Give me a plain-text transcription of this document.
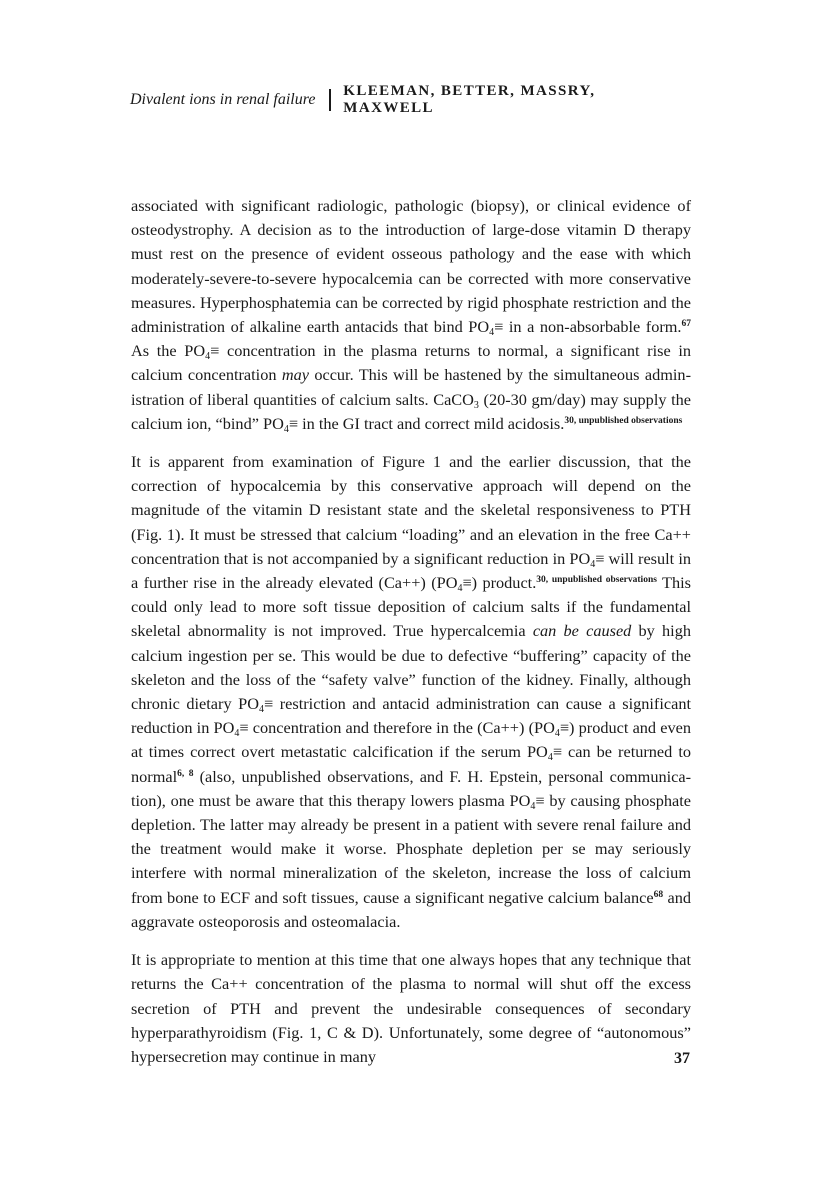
Divalent ions in renal failure	KLEEMAN, BETTER, MASSRY, MAXWELL

associated with significant radiologic, pathologic (biopsy), or clinical evidence of osteodystrophy. A decision as to the introduction of large-dose vitamin D therapy must rest on the presence of evident osseous pathology and the ease with which moderately-severe-to-severe hypocalcemia can be corrected with more conservative measures. Hyperphosphatemia can be corrected by rigid phosphate restriction and the administration of alkaline earth antacids that bind $PO_4\equiv$ in a non-absorbable form.$^{67}$ As the $PO_4\equiv$ concentration in the plasma returns to normal, a significant rise in calcium concentration may occur. This will be hastened by the simultaneous administration of liberal quantities of calcium salts. CaCO$_3$ (20-30 gm/day) may supply the calcium ion, “bind” $PO_4\equiv$ in the GI tract and correct mild acidosis.$^{30, unpublished observations}$

It is apparent from examination of Figure 1 and the earlier discussion, that the correction of hypocalcemia by this conservative approach will depend on the magnitude of the vitamin D resistant state and the skeletal responsiveness to PTH (Fig. 1). It must be stressed that calcium “loading” and an elevation in the free Ca++ concentration that is not accompanied by a significant reduction in $PO_4\equiv$ will result in a further rise in the already elevated (Ca++) $(PO_4\equiv)$ product.$^{30, unpublished observations}$ This could only lead to more soft tissue deposition of calcium salts if the fundamental skeletal abnormality is not improved. True hypercalcemia can be caused by high calcium ingestion per se. This would be due to defective “buffering” capacity of the skeleton and the loss of the “safety valve” function of the kidney. Finally, although chronic dietary $PO_4\equiv$ restriction and antacid administration can cause a significant reduction in $PO_4\equiv$ concentration and therefore in the (Ca++) $(PO_4\equiv)$ product and even at times correct overt metastatic calcification if the serum $PO_4\equiv$ can be returned to normal$^{6, 8}$ (also, unpublished observations, and F. H. Epstein, personal communication), one must be aware that this therapy lowers plasma $PO_4\equiv$ by causing phosphate depletion. The latter may already be present in a patient with severe renal failure and the treatment would make it worse. Phosphate depletion per se may seriously interfere with normal mineralization of the skeleton, increase the loss of calcium from bone to ECF and soft tissues, cause a significant negative calcium balance$^{68}$ and aggravate osteoporosis and osteomalacia.

It is appropriate to mention at this time that one always hopes that any technique that returns the Ca++ concentration of the plasma to normal will shut off the excess secretion of PTH and prevent the undesirable consequences of secondary hyperparathyroidism (Fig. 1, C & D). Unfortunately, some degree of “autonomous” hypersecretion may continue in many	37
